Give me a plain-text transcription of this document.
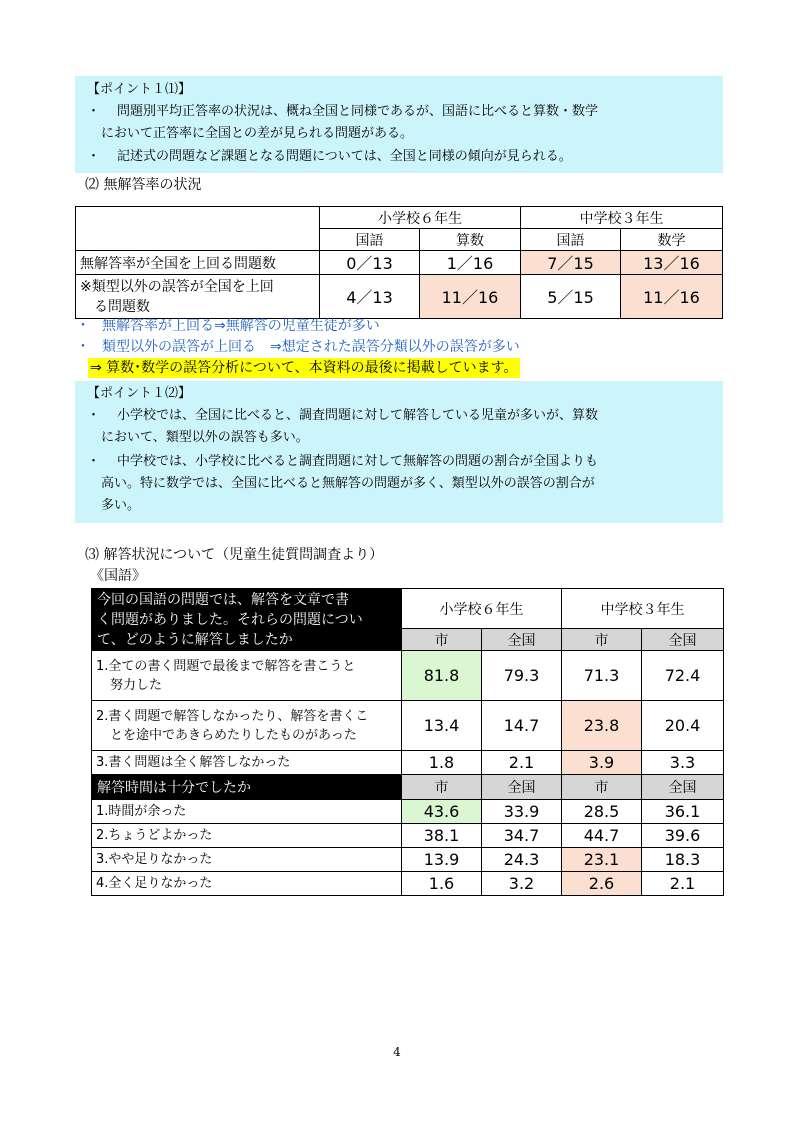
【ポイント１⑴】
・ 問題別平均正答率の状況は、概ね全国と同様であるが、国語に比べると算数・数学
において正答率に全国との差が見られる問題がある。
・ 記述式の問題など課題となる問題については、全国と同様の傾向が見られる。
⑵ 無解答率の状況
	小学校６年生		中学校３年生	
	国語	算数	国語	数学
無解答率が全国を上回る問題数	0／13	1／16	7／15	13／16

※類型以外の誤答が全国を上回
る問題数	4／13	11／16	5／15	11／16
・ 無解答率が上回る⇒無解答の児童生徒が多い
・ 類型以外の誤答が上回る　⇒想定された誤答分類以外の誤答が多い
⇒ 算数･数学の誤答分析について、本資料の最後に掲載しています。
【ポイント１⑵】
・ 小学校では、全国に比べると、調査問題に対して解答している児童が多いが、算数
において、類型以外の誤答も多い。
・ 中学校では、小学校に比べると調査問題に対して無解答の問題の割合が全国よりも
高い。特に数学では、全国に比べると無解答の問題が多く、類型以外の誤答の割合が
多い。
⑶ 解答状況について（児童生徒質問調査より）
《国語》
今回の国語の問題では、解答を文章で書
く問題がありました。それらの問題につい
て、どのように解答しましたか	小学校６年生		中学校３年生	
	市	全国	市	全国

1.全ての書く問題で最後まで解答を書こうと
努力した	81.8	79.3	71.3	72.4

2.書く問題で解答しなかったり、解答を書くこ
とを途中であきらめたりしたものがあった	13.4	14.7	23.8	20.4
3.書く問題は全く解答しなかった	1.8	2.1	3.9	3.3
解答時間は十分でしたか	市	全国	市	全国
1.時間が余った	43.6	33.9	28.5	36.1
2.ちょうどよかった	38.1	34.7	44.7	39.6
3.やや足りなかった	13.9	24.3	23.1	18.3
4.全く足りなかった	1.6	3.2	2.6	2.1
4
